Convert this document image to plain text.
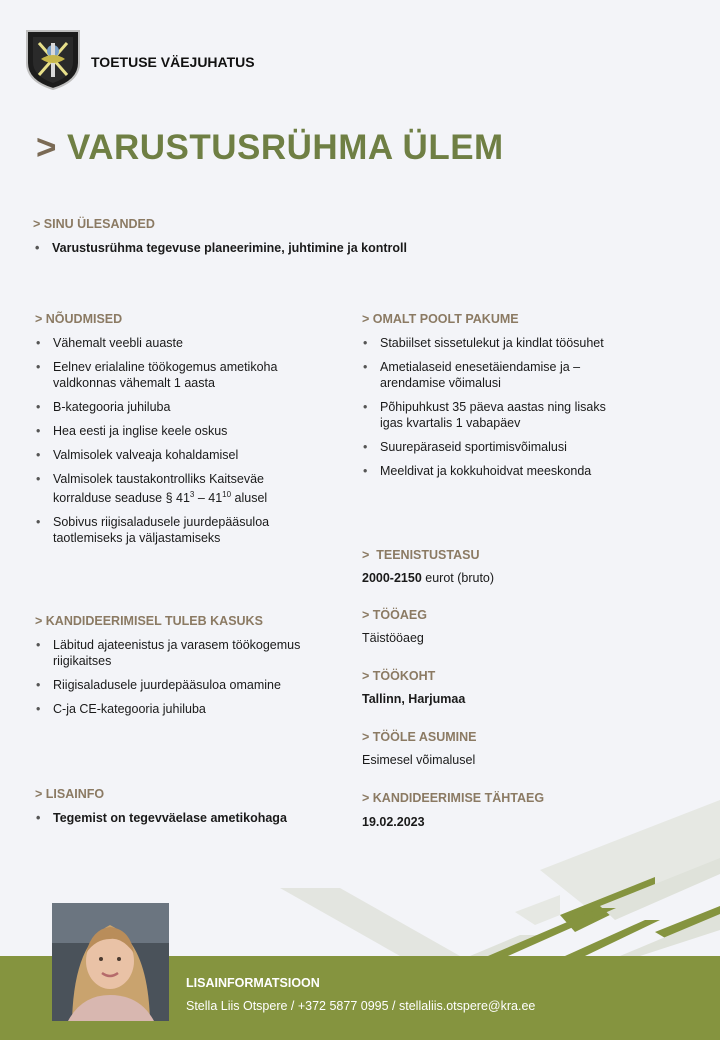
TOETUSE VÄEJUHATUS
> VARUSTUSRÜHMA ÜLEM
> SINU ÜLESANDED
• Varustusrühma tegevuse planeerimine, juhtimine ja kontroll
> NÕUDMISED
• Vähemalt veebli auaste
• Eelnev erialaline töökogemus ametikoha valdkonnas vähemalt 1 aasta
• B-kategooria juhiluba
• Hea eesti ja inglise keele oskus
• Valmisolek valveaja kohaldamisel
• Valmisolek taustakontrolliks Kaitseväe korralduse seaduse § $41^3 - 41^{10}$ alusel
• Sobivus riigisaladusele juurdepääsuloa taotlemiseks ja väljastamiseks
> OMALT POOLT PAKUME
• Stabiilset sissetulekut ja kindlat töösuhet
• Ametialaseid enesetäiendamise ja – arendamise võimalusi
• Põhipuhkust 35 päeva aastas ning lisaks igas kvartalis 1 vabapäev
• Suurepäraseid sportimisvõimalusi
• Meeldivat ja kokkuhoidvat meeskonda
>  TEENISTUSTASU
2000-2150 eurot (bruto)
> TÖÖAEG
Täistööaeg
> TÖÖKOHT
Tallinn, Harjumaa
> TÖÖLE ASUMINE
Esimesel võimalusel
> KANDIDEERIMISE TÄHTAEG
19.02.2023
> KANDIDEERIMISEL TULEB KASUKS
• Läbitud ajateenistus ja varasem töökogemus riigikaitses
• Riigisaladusele juurdepääsuloa omamine
• C-ja CE-kategooria juhiluba
> LISAINFO
• Tegemist on tegevväelase ametikohaga
LISAINFORMATSIOON
Stella Liis Otspere / +372 5877 0995 / stellaliis.otspere@kra.ee
